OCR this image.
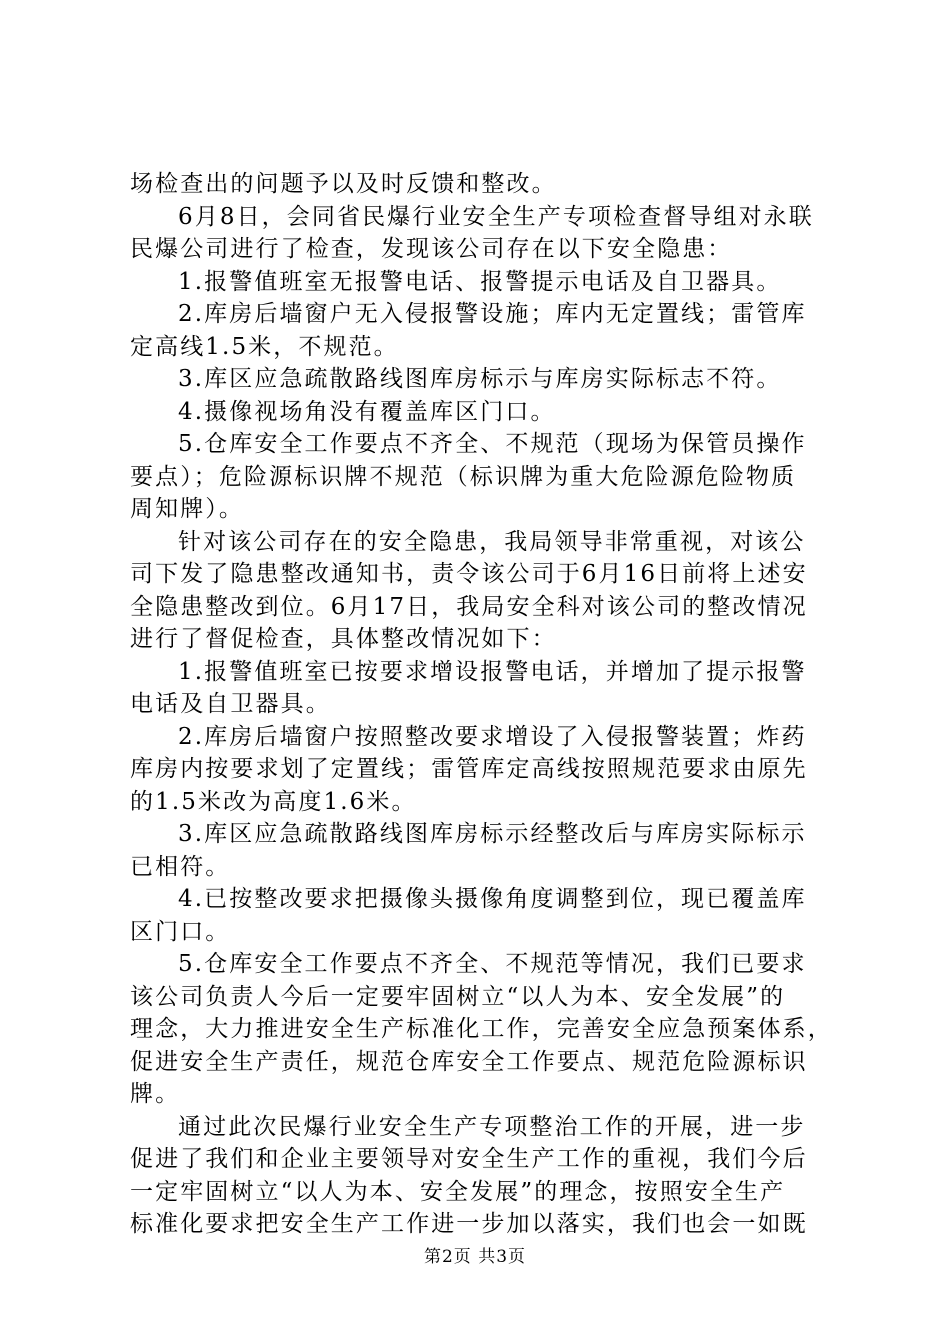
场检查出的问题予以及时反馈和整改。
6月8日，会同省民爆行业安全生产专项检查督导组对永联
民爆公司进行了检查，发现该公司存在以下安全隐患：
1.报警值班室无报警电话、报警提示电话及自卫器具。
2.库房后墙窗户无入侵报警设施；库内无定置线；雷管库
定高线1.5米，不规范。
3.库区应急疏散路线图库房标示与库房实际标志不符。
4.摄像视场角没有覆盖库区门口。
5.仓库安全工作要点不齐全、不规范（现场为保管员操作
要点）；危险源标识牌不规范（标识牌为重大危险源危险物质
周知牌）。
针对该公司存在的安全隐患，我局领导非常重视，对该公
司下发了隐患整改通知书，责令该公司于6月16日前将上述安
全隐患整改到位。6月17日，我局安全科对该公司的整改情况
进行了督促检查，具体整改情况如下：
1.报警值班室已按要求增设报警电话，并增加了提示报警
电话及自卫器具。
2.库房后墙窗户按照整改要求增设了入侵报警装置；炸药
库房内按要求划了定置线；雷管库定高线按照规范要求由原先
的1.5米改为高度1.6米。
3.库区应急疏散路线图库房标示经整改后与库房实际标示
已相符。
4.已按整改要求把摄像头摄像角度调整到位，现已覆盖库
区门口。
5.仓库安全工作要点不齐全、不规范等情况，我们已要求
该公司负责人今后一定要牢固树立“以人为本、安全发展”的
理念，大力推进安全生产标准化工作，完善安全应急预案体系，
促进安全生产责任，规范仓库安全工作要点、规范危险源标识
牌。
通过此次民爆行业安全生产专项整治工作的开展，进一步
促进了我们和企业主要领导对安全生产工作的重视，我们今后
一定牢固树立“以人为本、安全发展”的理念，按照安全生产
标准化要求把安全生产工作进一步加以落实，我们也会一如既
第2页 共3页
